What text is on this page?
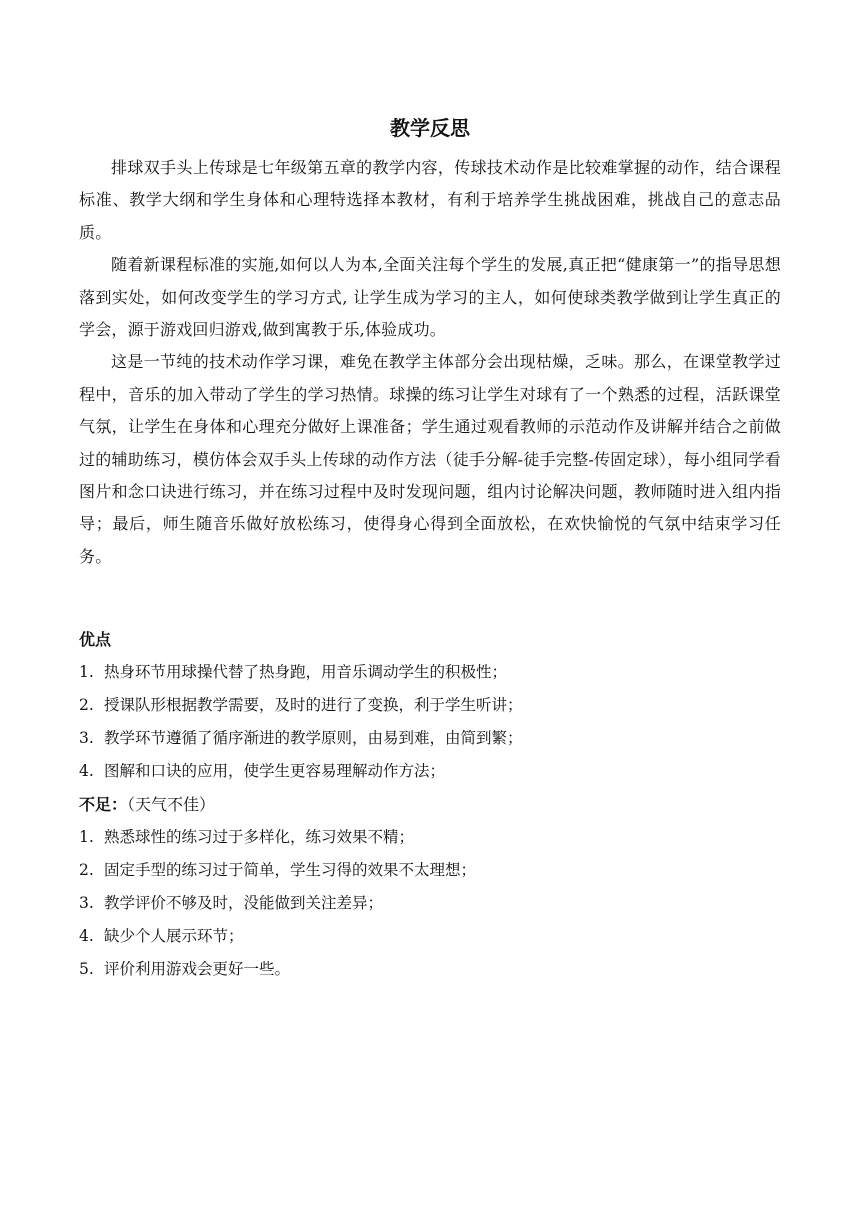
教学反思

排球双手头上传球是七年级第五章的教学内容，传球技术动作是比较难掌握的动作，结合课程标准、教学大纲和学生身体和心理特选择本教材，有利于培养学生挑战困难，挑战自己的意志品质。

随着新课程标准的实施,如何以人为本,全面关注每个学生的发展,真正把“健康第一”的指导思想落到实处，如何改变学生的学习方式, 让学生成为学习的主人，如何使球类教学做到让学生真正的学会，源于游戏回归游戏,做到寓教于乐,体验成功。

这是一节纯的技术动作学习课，难免在教学主体部分会出现枯燥，乏味。那么，在课堂教学过程中，音乐的加入带动了学生的学习热情。球操的练习让学生对球有了一个熟悉的过程，活跃课堂气氛，让学生在身体和心理充分做好上课准备；学生通过观看教师的示范动作及讲解并结合之前做过的辅助练习，模仿体会双手头上传球的动作方法（徒手分解-徒手完整-传固定球），每小组同学看图片和念口诀进行练习，并在练习过程中及时发现问题，组内讨论解决问题，教师随时进入组内指导；最后，师生随音乐做好放松练习，使得身心得到全面放松，在欢快愉悦的气氛中结束学习任务。

优点

1. 热身环节用球操代替了热身跑，用音乐调动学生的积极性；
2. 授课队形根据教学需要，及时的进行了变换，利于学生听讲；
3. 教学环节遵循了循序渐进的教学原则，由易到难，由简到繁；
4. 图解和口诀的应用，使学生更容易理解动作方法；

不足：（天气不佳）

1. 熟悉球性的练习过于多样化，练习效果不精；
2. 固定手型的练习过于简单，学生习得的效果不太理想；
3. 教学评价不够及时，没能做到关注差异；
4. 缺少个人展示环节；
5. 评价利用游戏会更好一些。
